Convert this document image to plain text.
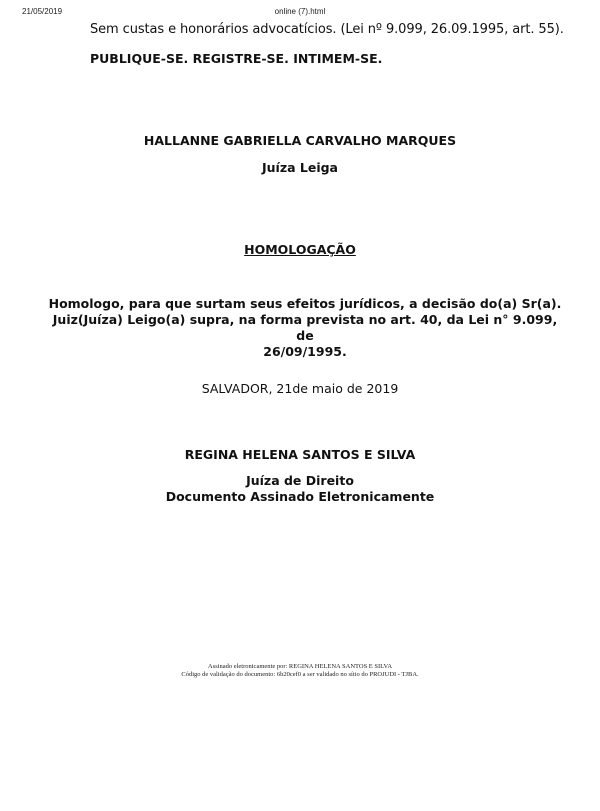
21/05/2019	online (7).html

Sem custas e honorários advocatícios. (Lei nº 9.099, 26.09.1995, art. 55).

PUBLIQUE-SE. REGISTRE-SE. INTIMEM-SE.

HALLANNE GABRIELLA CARVALHO MARQUES

Juíza Leiga

HOMOLOGAÇÃO

Homologo, para que surtam seus efeitos jurídicos, a decisão do(a) Sr(a).
Juiz(Juíza) Leigo(a) supra, na forma prevista no art. 40, da Lei n° 9.099, de
26/09/1995.

SALVADOR, 21de maio de 2019

REGINA HELENA SANTOS E SILVA

Juíza de Direito
Documento Assinado Eletronicamente
Assinado eletronicamente por: REGINA HELENA SANTOS E SILVA
Código de validação do documento: 6b20cef0 a ser validado no sítio do PROJUDI - TJBA.
